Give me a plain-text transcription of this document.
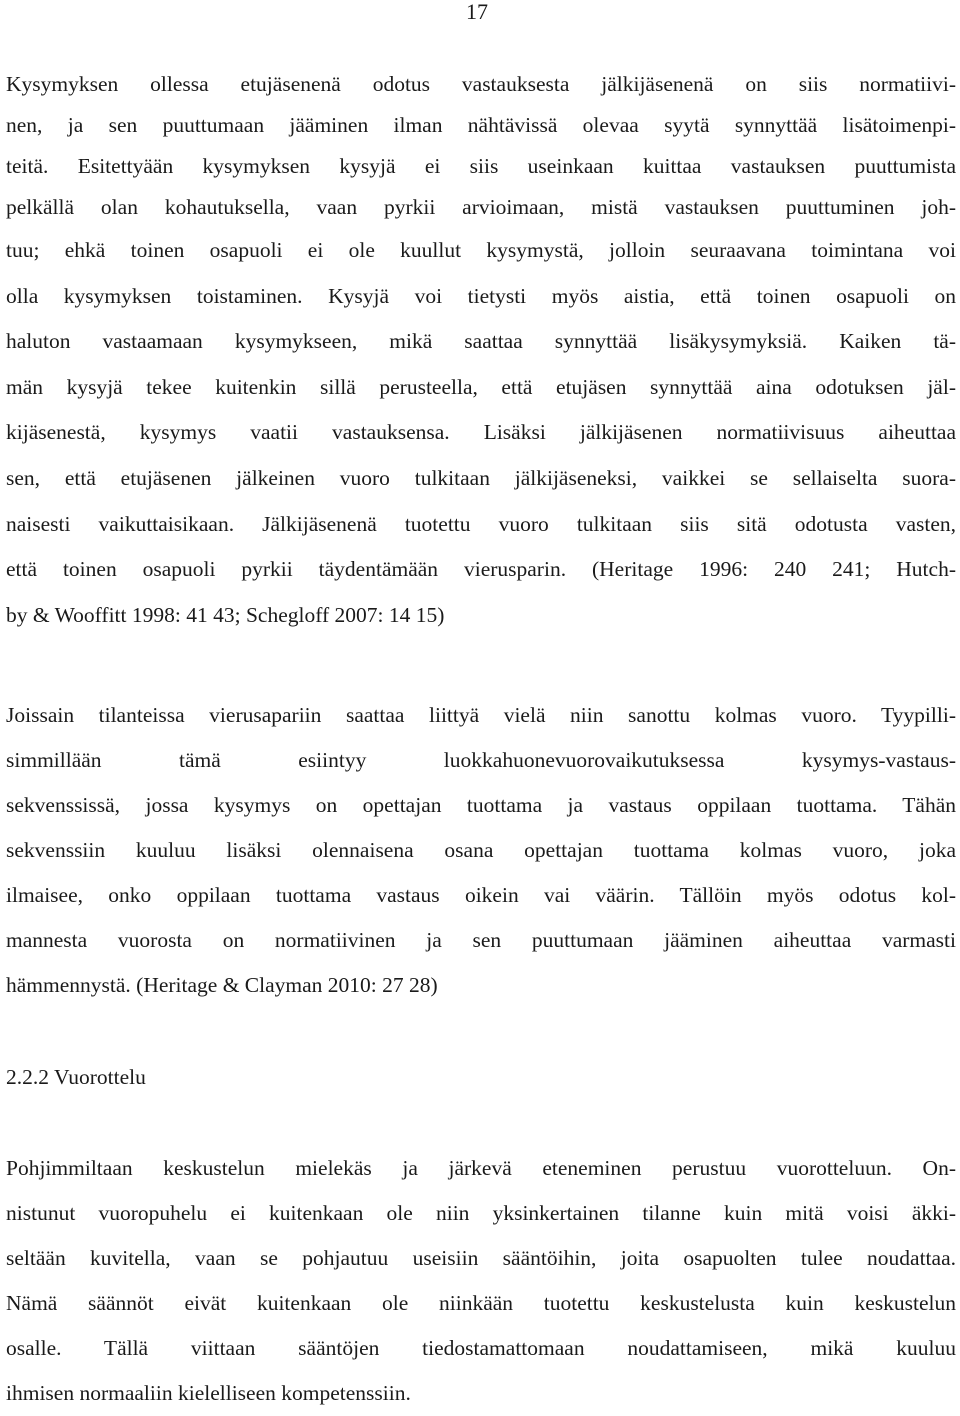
17
Kysymyksen ollessa etujäsenenä odotus vastauksesta jälkijäsenenä on siis normatiivi-
nen, ja sen puuttumaan jääminen ilman nähtävissä olevaa syytä synnyttää lisätoimenpi-
teitä. Esitettyään kysymyksen kysyjä ei siis useinkaan kuittaa vastauksen puuttumista
pelkällä olan kohautuksella, vaan pyrkii arvioimaan, mistä vastauksen puuttuminen joh-
tuu; ehkä toinen osapuoli ei ole kuullut kysymystä, jolloin seuraavana toimintana voi
olla kysymyksen toistaminen. Kysyjä voi tietysti myös aistia, että toinen osapuoli on
haluton vastaamaan kysymykseen, mikä saattaa synnyttää lisäkysymyksiä. Kaiken tä-
män kysyjä tekee kuitenkin sillä perusteella, että etujäsen synnyttää aina odotuksen jäl-
kijäsenestä, kysymys vaatii vastauksensa. Lisäksi jälkijäsenen normatiivisuus aiheuttaa
sen, että etujäsenen jälkeinen vuoro tulkitaan jälkijäseneksi, vaikkei se sellaiselta suora-
naisesti vaikuttaisikaan. Jälkijäsenenä tuotettu vuoro tulkitaan siis sitä odotusta vasten,
että toinen osapuoli pyrkii täydentämään vierusparin. (Heritage 1996: 240 241; Hutch-
by & Wooffitt 1998: 41 43; Schegloff 2007: 14 15)
Joissain tilanteissa vierusapariin saattaa liittyä vielä niin sanottu kolmas vuoro. Tyypilli-
simmillään tämä esiintyy luokkahuonevuorovaikutuksessa kysymys-vastaus-
sekvenssissä, jossa kysymys on opettajan tuottama ja vastaus oppilaan tuottama. Tähän
sekvenssiin kuuluu lisäksi olennaisena osana opettajan tuottama kolmas vuoro, joka
ilmaisee, onko oppilaan tuottama vastaus oikein vai väärin. Tällöin myös odotus kol-
mannesta vuorosta on normatiivinen ja sen puuttumaan jääminen aiheuttaa varmasti
hämmennystä. (Heritage & Clayman 2010: 27 28)
2.2.2 Vuorottelu
Pohjimmiltaan keskustelun mielekäs ja järkevä eteneminen perustuu vuorotteluun. On-
nistunut vuoropuhelu ei kuitenkaan ole niin yksinkertainen tilanne kuin mitä voisi äkki-
seltään kuvitella, vaan se pohjautuu useisiin sääntöihin, joita osapuolten tulee noudattaa.
Nämä säännöt eivät kuitenkaan ole niinkään tuotettu keskustelusta kuin keskustelun
osalle. Tällä viittaan sääntöjen tiedostamattomaan noudattamiseen, mikä kuuluu
ihmisen normaaliin kielelliseen kompetenssiin.
